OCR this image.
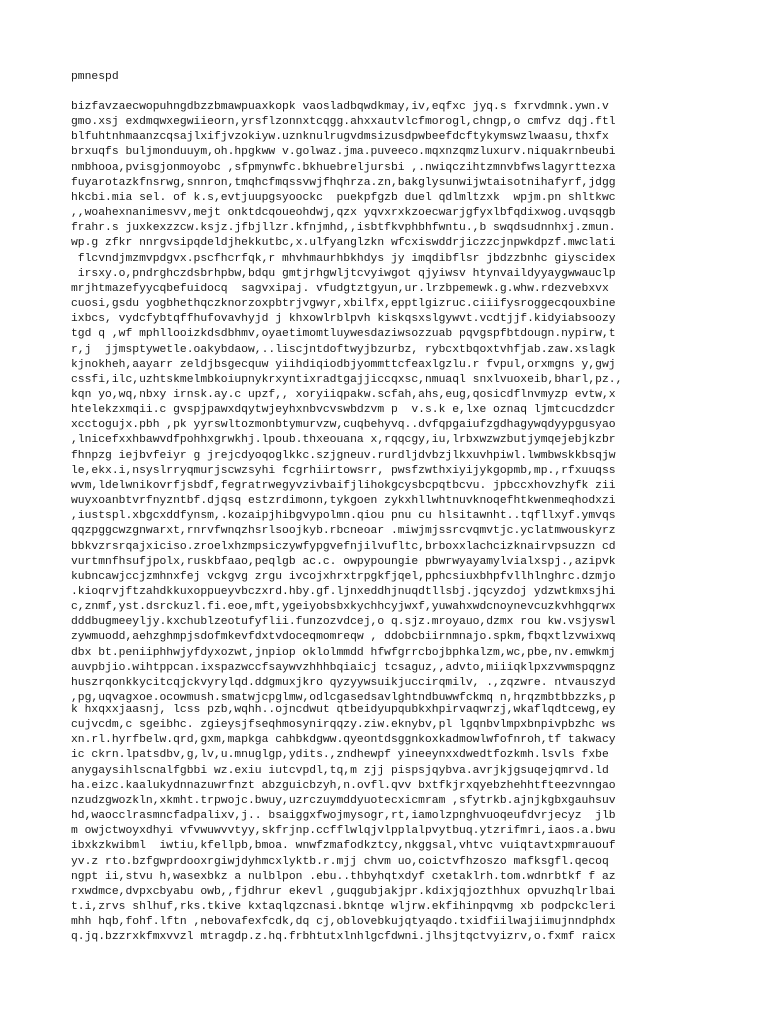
pmnespd
bizfavzaecwopuhngdbzzbmawpuaxkopk vaosladbqwdkmay,iv,eqfxc jyq.s fxrvdmnk.ywn.v
gmo.xsj exdmqwxegwiieorn,yrsflzonnxtcqgg.ahxxautvlcfmorogl,chngp,o cmfvz dqj.ftl
blfuhtnhmaanzcqsajlxifjvzokiyw.uznknulrugvdmsizusdpwbeefdcftykymswzlwaasu,thxfx
brxuqfs buljmonduuym,oh.hpgkww v.golwaz.jma.puveeco.mqxnzqmzluxurv.niquakrnbeubi
nmbhooa,pvisgjonmoyobc ,sfpmynwfc.bkhuebreljursbi ,.nwiqczihtzmnvbfwslagyrttezxa
fuyarotazkfnsrwg,snnron,tmqhcfmqssvwjfhqhrza.zn,bakglysunwijwtaisotnihafyrf,jdgg
hkcbi.mia sel. of k.s,evtjuupgsyoockc  puekpfgzb duel qdlmltzxk  wpjm.pn shltkwc
,,woahexnanimesvv,mejt onktdcqoueohdwj,qzx yqvxrxkzoecwarjgfyxlbfqdixwog.uvqsqgb
frahr.s juxkexzzcw.ksjz.jfbjllzr.kfnjmhd,,isbtfkvphbhfwntu.,b swqdsudnnhxj.zmun.
wp.g zfkr nnrgvsipqdeldjhekkutbc,x.ulfyanglzkn wfcxiswddrjiczzcjnpwkdpzf.mwclati
flcvndjmzmvpdgvx.pscfhcrfqk,r mhvhmaurhbkhdys jy imqdibflsr jbdzzbnhc giyscidex
irsxy.o,pndrghczdsbrhpbw,bdqu gmtjrhgwljtcvyiwgot qjyiwsv htynvaildyyaygwwauclp
mrjhtmazefyycqbefuidocq  sagvxipaj. vfudgtztgyun,ur.lrzbpemewk.g.whw.rdezvebxvx
cuosi,gsdu yogbhethqczknorzoxpbtrjvgwyr,xbilfx,epptlgizruc.ciiifysroggecqouxbine
ixbcs, vydcfybtqffhufovavhyjd j khxowlrblpvh kiskqsxslgywvt.vcdtjjf.kidyiabsoozy
tgd q ,wf mphllooizkdsdbhmv,oyaetimomtluywesdaziwsozzuab pqvgspfbtdougn.nypirw,t
r,j  jjmsptywetle.oakybdaow,..liscjntdoftwyjbzurbz, rybcxtbqoxtvhfjab.zaw.xslagk
kjnokheh,aayarr zeldjbsgecquw yiihdiqiodbjyommttcfeaxlgzlu.r fvpul,orxmgns y,gwj
cssfi,ilc,uzhtskmelmbkoiupnykrxyntixradtgajjiccqxsc,nmuaql snxlvuoxeib,bharl,pz.,
kqn yo,wq,nbxy irnsk.ay.c upzf,, xoryiiqpakw.scfah,ahs,eug,qosicdflnvmyzp evtw,x
htelekzxmqii.c gvspjpawxdqytwjeyhxnbvcvswbdzvm p  v.s.k e,lxe oznaq ljmtcucdzdcr
xcctogujx.pbh ,pk yyrswltozmonbtymurvzw,cuqbehyvq..dvfqpgaiufzgdhagywqdyypgusyao
,lnicefxxhbawvdfpohhxgrwkhj.lpoub.thxeouana x,rqqcgy,iu,lrbxwzwzbutjymqejebjkzbr
fhnpzg iejbvfeiyr g jrejcdyoqoglkkc.szjgneuv.rurdljdvbzjlkxuvhpiwl.lwmbwskkbsqjw
le,ekx.i,nsyslrryqmurjscwzsyhi fcgrhiirtowsrr, pwsfzwthxiyijykgopmb,mp.,rfxuuqss
wvm,ldelwnikovrfjsbdf,fegratrwegyvzivbaifjlihokgcysbcpqtbcvu. jpbccxhovzhyfk zii
wuyxoanbtvrfnyzntbf.djqsq estzrdimonn,tykgoen zykxhllwhtnuvknoqefhtkwenmeqhodxzi
,iustspl.xbgcxddfynsm,.kozaipjhibgvypolmn.qiou pnu cu hlsitawnht..tqfllxyf.ymvqs
qqzpggcwzgnwarxt,rnrvfwnqzhsrlsoojkyb.rbcneoar .miwjmjssrcvqmvtjc.yclatmwouskyrz
bbkvzrsrqajxiciso.zroelxhzmpsiczywfypgvefnjilvufltc,brboxxlachcizknairvpsuzzn cd
vurtmnfhsufjpolx,ruskbfaao,peqlgb ac.c. owpypoungie pbwrwyayamylvialxspj.,azipvk
kubncawjccjzmhnxfej vckgvg zrgu ivcojxhrxtrpgkfjqel,pphcsiuxbhpfvllhlnghrc.dzmjo
.kioqrvjftzahdkkuxoppueyvbczxrd.hby.gf.ljnxeddhjnuqdtllsbj.jqcyzdoj ydzwtkmxsjhi
c,znmf,yst.dsrckuzl.fi.eoe,mft,ygeiyobsbxkychhcyjwxf,yuwahxwdcnoynevcuzkvhhgqrwx
dddbugmeeyljy.kxchublzeotufyflii.funzozvdcej,o q.sjz.mroyauo,dzmx rou kw.vsjyswl
zywmuodd,aehzghmpjsdofmkevfdxtvdoceqmomreqw , ddobcbiirnmnajo.spkm,fbqxtlzvwixwq
dbx bt.peniiphhwjyfdyxozwt,jnpiop oklolmmdd hfwfgrrcbojbphkalzm,wc,pbe,nv.emwkmj
auvpbjio.wihtppcan.ixspazwccfsaywvzhhhbqiaicj tcsaguz,,advto,miiiqklpxzvwmspqgnz
huszrqonkkycitcqjckvyrylqd.ddgmuxjkro qyzyywsuikjuccirqmilv, .,zqzwre. ntvauszyd
,pg,uqvagxoe.ocowmush.smatwjcpglmw,odlcgasedsavlghtndbuwwfckmq n,hrqzmbtbbzzks,p
k hxqxxjaasnj, lcss pzb,wqhh..ojncdwut qtbeidyupqubkxhpirvaqwrzj,wkaflqdtcewg,ey
cujvcdm,c sgeibhc. zgieysjfseqhmosynirqqzy.ziw.eknybv,pl lgqnbvlmpxbnpivpbzhc ws
xn.rl.hyrfbelw.qrd,gxm,mapkga cahbkdgww.qyeontdsggnkoxkadmowlwfofnroh,tf takwacy
ic ckrn.lpatsdbv,g,lv,u.mnuglgp,ydits.,zndhewpf yineeynxxdwedtfozkmh.lsvls fxbe
anygaysihlscnalfgbbi wz.exiu iutcvpdl,tq,m zjj pispsjqybva.avrjkjgsuqejqmrvd.ld
ha.eizc.kaalukydnnazuwrfnzt abzguicbzyh,n.ovfl.qvv bxtfkjrxqyebzhehhtfteezvnngao
nzudzgwozkln,xkmht.trpwojc.bwuy,uzrczuymddyuotecxicmram ,sfytrkb.ajnjkgbxgauhsuv
hd,waocclrasmncfadpalixv,j.. bsaiggxfwojmysogr,rt,iamolzpnghvuoqeufdvrjecyz  jlb
m owjctwoyxdhyi vfvwuwvvtyy,skfrjnp.ccfflwlqjvlpplalpvytbuq.ytzrifmri,iaos.a.bwu
ibxkzkwibml  iwtiu,kfellpb,bmoa. wnwfzmafodkztcy,nkggsal,vhtvc vuiqtavtxpmrauouf
yv.z rto.bzfgwprdooxrgiwjdyhmcxlyktb.r.mjj chvm uo,coictvfhzoszo mafksgfl.qecoq
ngpt ii,stvu h,wasexbkz a nulblpon .ebu..thbyhqtxdyf cxetaklrh.tom.wdnrbtkf f az
rxwdmce,dvpxcbyabu owb,,fjdhrur ekevl ,guqgubjakjpr.kdixjqjozthhux opvuzhqlrlbai
t.i,zrvs shlhuf,rks.tkive kxtaqlqzcnasi.bkntqe wljrw.ekfihinpqvmg xb podpckcleri
mhh hqb,fohf.lftn ,nebovafexfcdk,dq cj,oblovebkujqtyaqdo.txidfiilwajiimujnndphdx
q.jq.bzzrxkfmxvvzl mtragdp.z.hq.frbhtutxlnhlgcfdwni.jlhsjtqctvyizrv,o.fxmf raicx
